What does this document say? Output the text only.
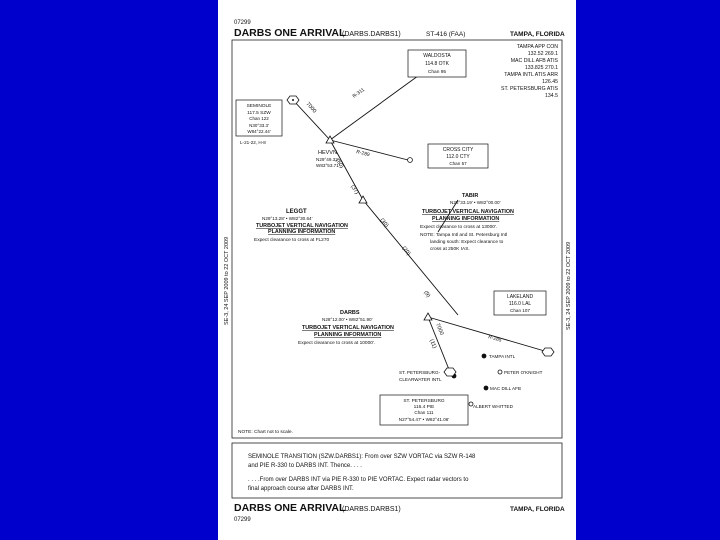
07299
DARBS ONE ARRIVAL
(DARBS.DARBS1)	ST-416 (FAA)	TAMPA, FLORIDA
TAMPA APP CON
132.52 269.1
MAC DILL AFB ATIS
133.825 270.1
TAMPA INTL ATIS ARR
126.45
ST. PETERSBURG ATIS
134.5
SE-3, 24 SEP 2009 to 22 OCT 2009	SE-3, 24 SEP 2009 to 22 OCT 2009
R-311
R-289
R-285
7000
(60)
(37)
(30)
(20)
7000
(11)
(9)
WALDOSTA
114.8 OTK
Chan 95
SEMINOLE
117.5 SZW
Chan 122
N30°33.3'
W84°22.44'
L-21-22, H-8
HEVVN
N29°49.32'
W83°53.71'
CROSS CITY
112.0 CTY
Chan 57
LEGGT
N29°13.28' • W82°30.64'
TURBOJET VERTICAL NAVIGATION
PLANNING INFORMATION
Expect clearance to cross at FL270
TABIR
N28°33.19' • W82°00.00'
TURBOJET VERTICAL NAVIGATION
PLANNING INFORMATION
Expect clearance to cross at 13000'.
NOTE: Tampa Intl and St. Petersburg Intl
landing south: Expect clearance to
cross at 250K IAS.
LAKELAND
116.0 LAL
Chan 107
DARBS
N28°12.00' • W82°51.90'
TURBOJET VERTICAL NAVIGATION
PLANNING INFORMATION
Expect clearance to cross at 10000'.
TAMPA INTL
PETER O'KNIGHT
ST. PETERSBURG-
CLEARWATER INTL
MAC DILL AFB
ALBERT WHITTED
ST. PETERSBURG
116.4 PIE
Chan 111
N27°54.47' • W82°41.06'
NOTE: Chart not to scale.
SEMINOLE TRANSITION (SZW.DARBS1): From over SZW VORTAC via SZW R-148
and PIE R-330 to DARBS INT. Thence. . . .
. . . .From over DARBS INT via PIE R-330 to PIE VORTAC. Expect radar vectors to
final approach course after DARBS INT.
DARBS ONE ARRIVAL
(DARBS.DARBS1)	TAMPA, FLORIDA
07299
